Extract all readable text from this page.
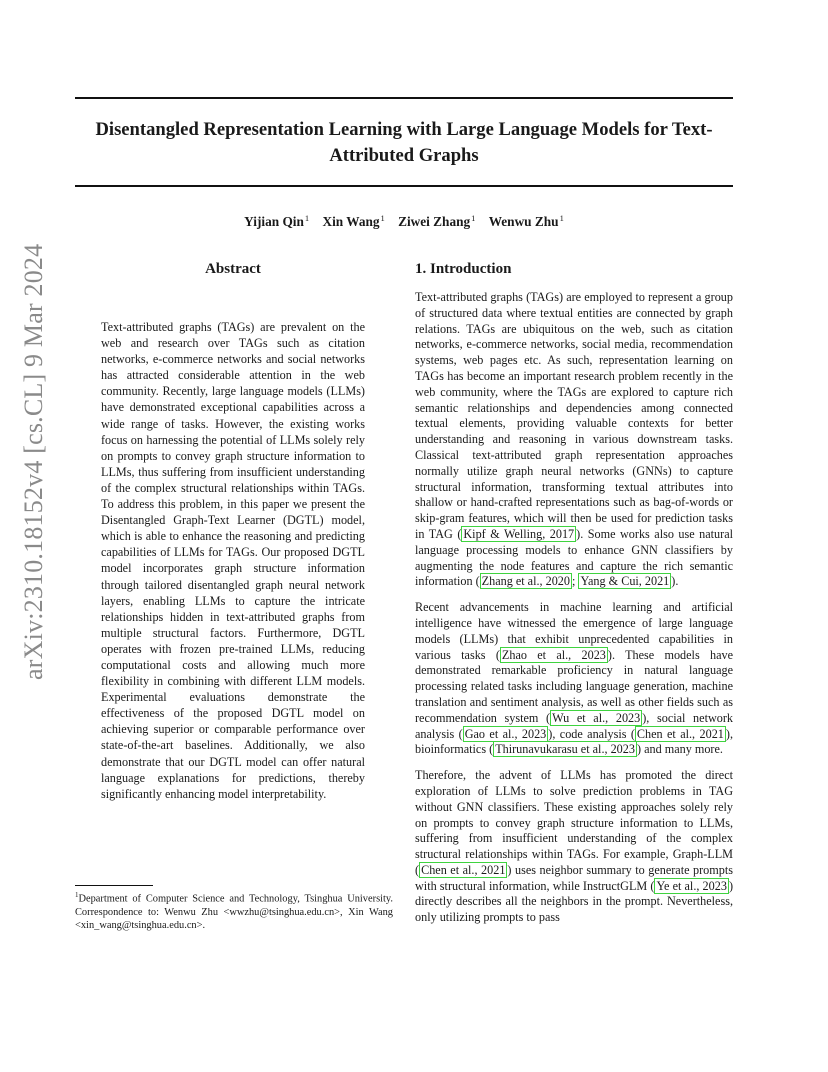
Disentangled Representation Learning with Large Language Models for Text-Attributed Graphs
Yijian Qin$^1$ Xin Wang$^1$ Ziwei Zhang$^1$ Wenwu Zhu$^1$
arXiv:2310.18152v4 [cs.CL] 9 Mar 2024	Abstract
Text-attributed graphs (TAGs) are prevalent on the web and research over TAGs such as citation networks, e-commerce networks and social networks has attracted considerable attention in the web community. Recently, large language models (LLMs) have demonstrated exceptional capabilities across a wide range of tasks. However, the existing works focus on harnessing the potential of LLMs solely rely on prompts to convey graph structure information to LLMs, thus suffering from insufficient understanding of the complex structural relationships within TAGs. To address this problem, in this paper we present the Disentangled Graph-Text Learner (DGTL) model, which is able to enhance the reasoning and predicting capabilities of LLMs for TAGs. Our proposed DGTL model incorporates graph structure information through tailored disentangled graph neural network layers, enabling LLMs to capture the intricate relationships hidden in text-attributed graphs from multiple structural factors. Furthermore, DGTL operates with frozen pre-trained LLMs, reducing computational costs and allowing much more flexibility in combining with different LLM models. Experimental evaluations demonstrate the effectiveness of the proposed DGTL model on achieving superior or comparable performance over state-of-the-art baselines. Additionally, we also demonstrate that our DGTL model can offer natural language explanations for predictions, thereby significantly enhancing model interpretability.
$^1$Department of Computer Science and Technology, Tsinghua University. Correspondence to: Wenwu Zhu <wwzhu@tsinghua.edu.cn>, Xin Wang <xin_wang@tsinghua.edu.cn>.
1. Introduction

Text-attributed graphs (TAGs) are employed to represent a group of structured data where textual entities are connected by graph relations. TAGs are ubiquitous on the web, such as citation networks, e-commerce networks, social media, recommendation systems, web pages etc. As such, representation learning on TAGs has become an important research problem recently in the web community, where the TAGs are explored to capture rich semantic relationships and dependencies among connected textual elements, providing valuable contexts for better understanding and reasoning in various downstream tasks. Classical text-attributed graph representation approaches normally utilize graph neural networks (GNNs) to capture structural information, transforming textual attributes into shallow or hand-crafted representations such as bag-of-words or skip-gram features, which will then be used for prediction tasks in TAG ( Kipf & Welling, 2017 ). Some works also use natural language processing models to enhance GNN classifiers by augmenting the node features and capture the rich semantic information ( Zhang et al., 2020 ; Yang & Cui, 2021 ).

Recent advancements in machine learning and artificial intelligence have witnessed the emergence of large language models (LLMs) that exhibit unprecedented capabilities in various tasks ( Zhao et al., 2023 ). These models have demonstrated remarkable proficiency in natural language processing related tasks including language generation, machine translation and sentiment analysis, as well as other fields such as recommendation system ( Wu et al., 2023 ), social network analysis ( Gao et al., 2023 ), code analysis ( Chen et al., 2021 ), bioinformatics ( Thirunavukarasu et al., 2023 ) and many more.

Therefore, the advent of LLMs has promoted the direct exploration of LLMs to solve prediction problems in TAG without GNN classifiers. These existing approaches solely rely on prompts to convey graph structure information to LLMs, suffering from insufficient understanding of the complex structural relationships within TAGs. For example, Graph-LLM ( Chen et al., 2021 ) uses neighbor summary to generate prompts with structural information, while InstructGLM ( Ye et al., 2023 ) directly describes all the neighbors in the prompt. Nevertheless, only utilizing prompts to pass
